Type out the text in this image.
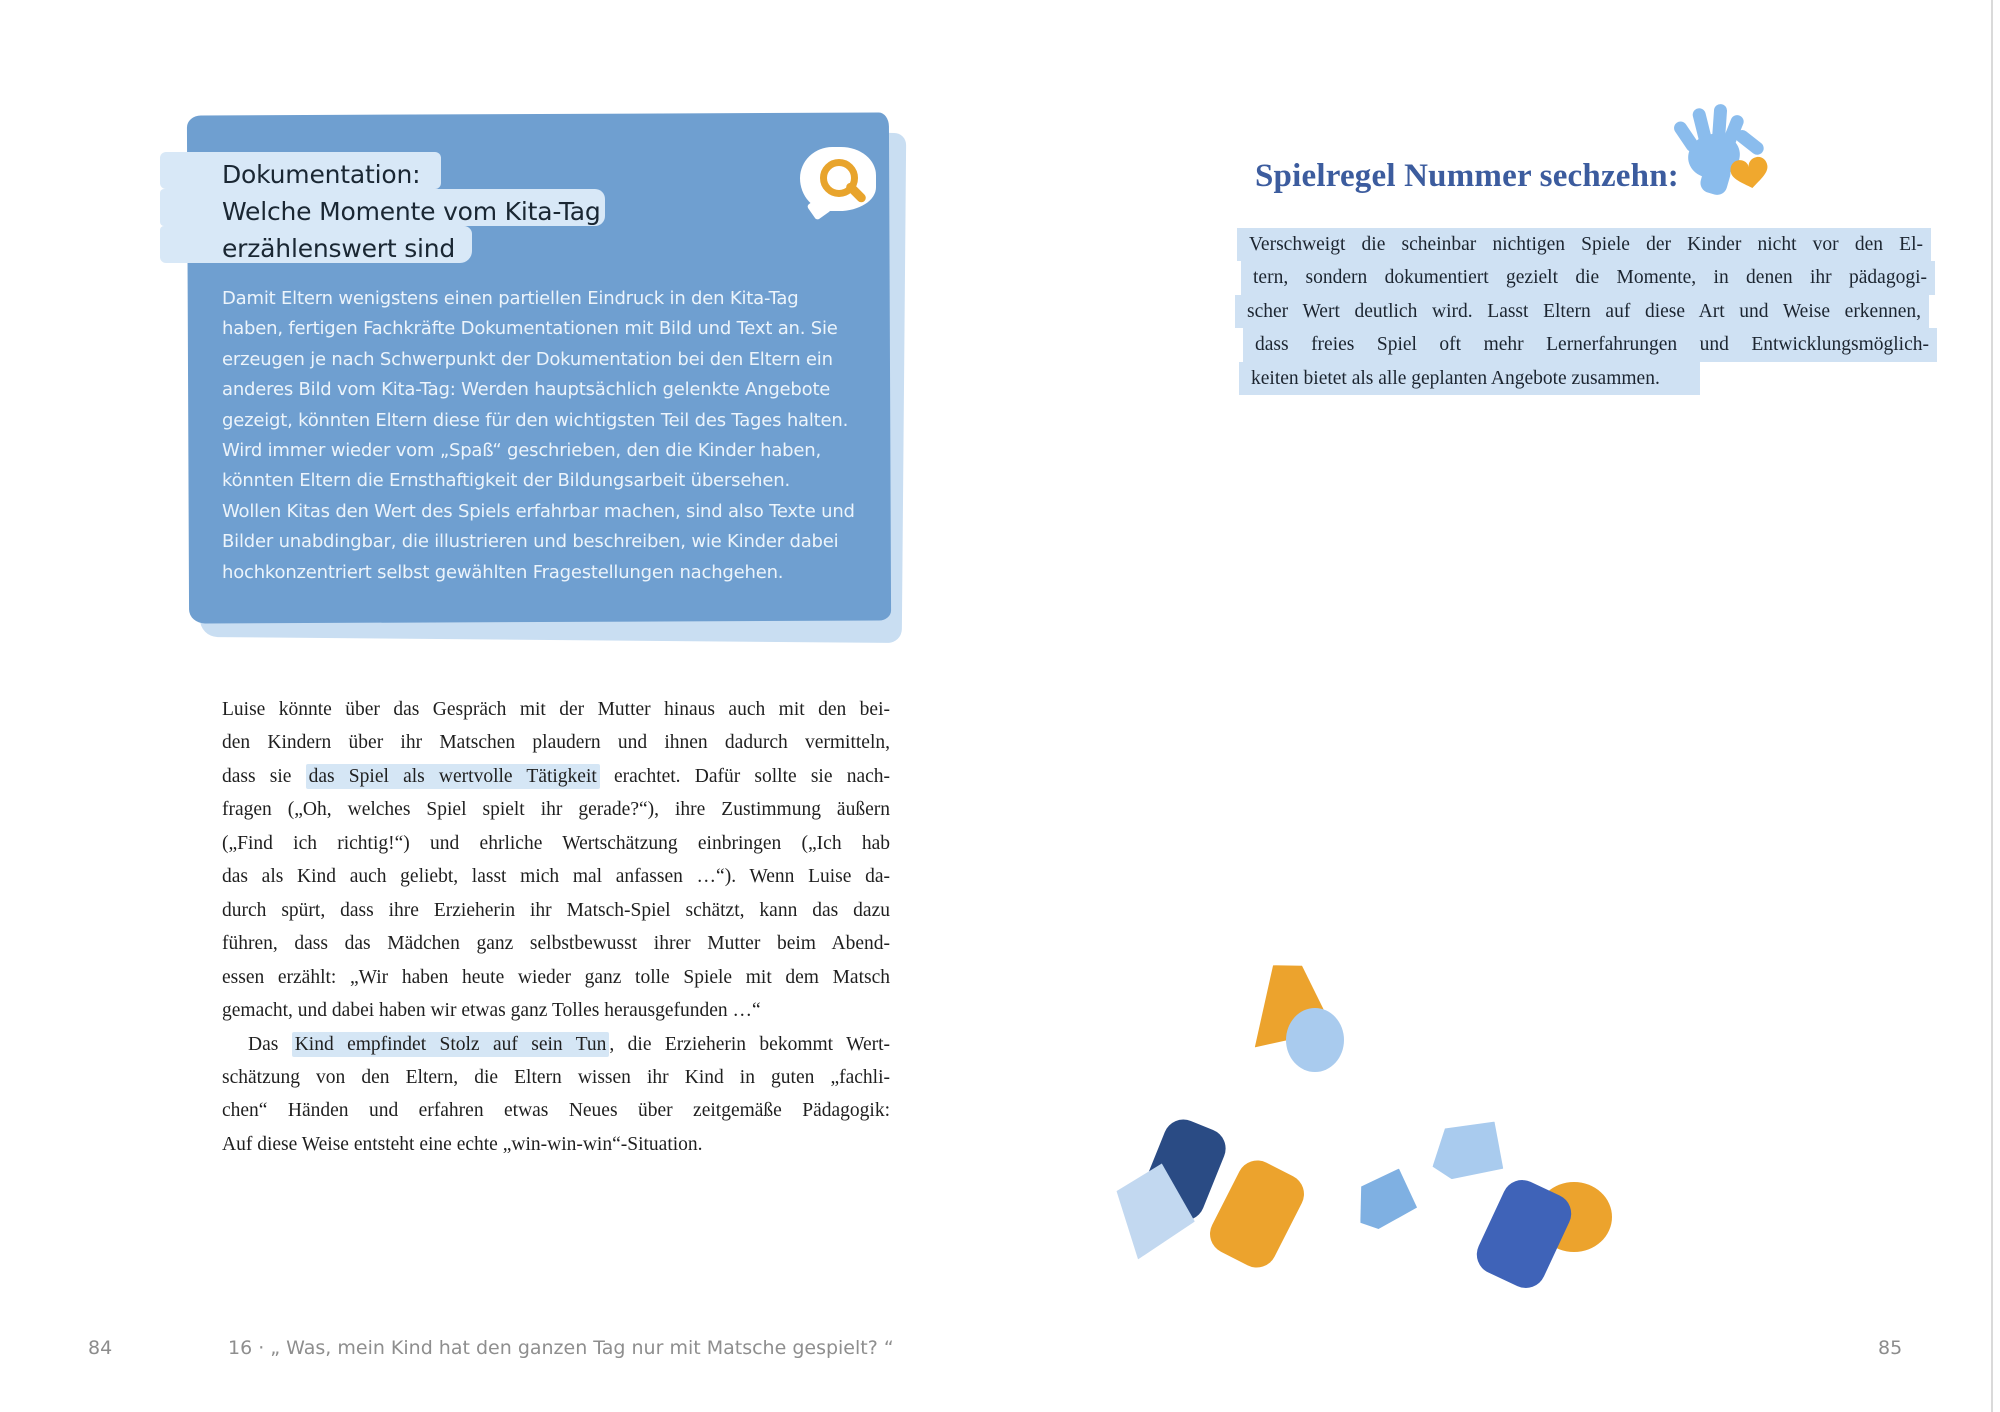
Dokumentation:
Welche Momente vom Kita-Tag
erzählenswert sind
Damit Eltern wenigstens einen partiellen Eindruck in den Kita-Tag
haben, fertigen Fachkräfte Dokumentationen mit Bild und Text an. Sie
erzeugen je nach Schwerpunkt der Dokumentation bei den Eltern ein
anderes Bild vom Kita-Tag: Werden hauptsächlich gelenkte Angebote
gezeigt, könnten Eltern diese für den wichtigsten Teil des Tages halten.
Wird immer wieder vom „Spaß“ geschrieben, den die Kinder haben,
könnten Eltern die Ernsthaftigkeit der Bildungsarbeit übersehen.
Wollen Kitas den Wert des Spiels erfahrbar machen, sind also Texte und
Bilder unabdingbar, die illustrieren und beschreiben, wie Kinder dabei
hochkonzentriert selbst gewählten Fragestellungen nachgehen.
Luise könnte über das Gespräch mit der Mutter hinaus auch mit den bei-
den Kindern über ihr Matschen plaudern und ihnen dadurch vermitteln,
dass sie das Spiel als wertvolle Tätigkeit erachtet. Dafür sollte sie nach-
fragen („Oh, welches Spiel spielt ihr gerade?“), ihre Zustimmung äußern
(„Find ich richtig!“) und ehrliche Wertschätzung einbringen („Ich hab
das als Kind auch geliebt, lasst mich mal anfassen …“). Wenn Luise da-
durch spürt, dass ihre Erzieherin ihr Matsch-Spiel schätzt, kann das dazu
führen, dass das Mädchen ganz selbstbewusst ihrer Mutter beim Abend-
essen erzählt: „Wir haben heute wieder ganz tolle Spiele mit dem Matsch
gemacht, und dabei haben wir etwas ganz Tolles herausgefunden …“
Das Kind empfindet Stolz auf sein Tun , die Erzieherin bekommt Wert-
schätzung von den Eltern, die Eltern wissen ihr Kind in guten „fachli-
chen“ Händen und erfahren etwas Neues über zeitgemäße Pädagogik:
Auf diese Weise entsteht eine echte „win-win-win“-Situation.
84	16 · „ Was, mein Kind hat den ganzen Tag nur mit Matsche gespielt? “
Spielregel Nummer sechzehn:
Verschweigt die scheinbar nichtigen Spiele der Kinder nicht vor den El-
tern, sondern dokumentiert gezielt die Momente, in denen ihr pädagogi-
scher Wert deutlich wird. Lasst Eltern auf diese Art und Weise erkennen,
dass freies Spiel oft mehr Lernerfahrungen und Entwicklungsmöglich-
keiten bietet als alle geplanten Angebote zusammen.
85
